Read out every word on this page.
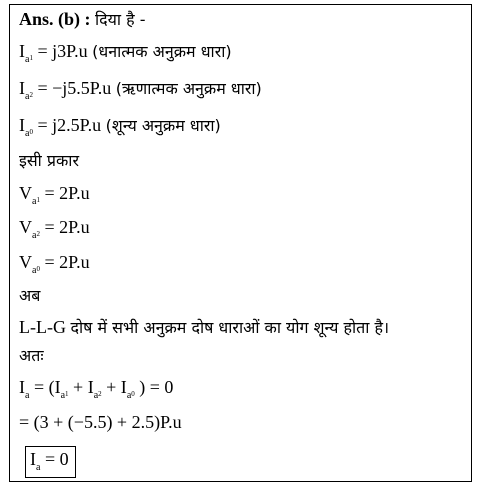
Ans. (b) : दिया है -
$I_a1 = j3P.u$ (धनात्मक अनुक्रम धारा)
$I_a2 = -j5.5P.u$ (ऋणात्मक अनुक्रम धारा)
$I_a0 = j2.5P.u$ (शून्य अनुक्रम धारा)
इसी प्रकार
$V_a1 = 2P.u$
$V_a2 = 2P.u$
$V_a0 = 2P.u$
अब
L-L-G दोष में सभी अनुक्रम दोष धाराओं का योग शून्य होता है।
अतः
$I_a = (I_a1 + I_a2 + I_a0$ ) = 0
= (3 + (−5.5) + 2.5)P.u
$I_a = 0$
